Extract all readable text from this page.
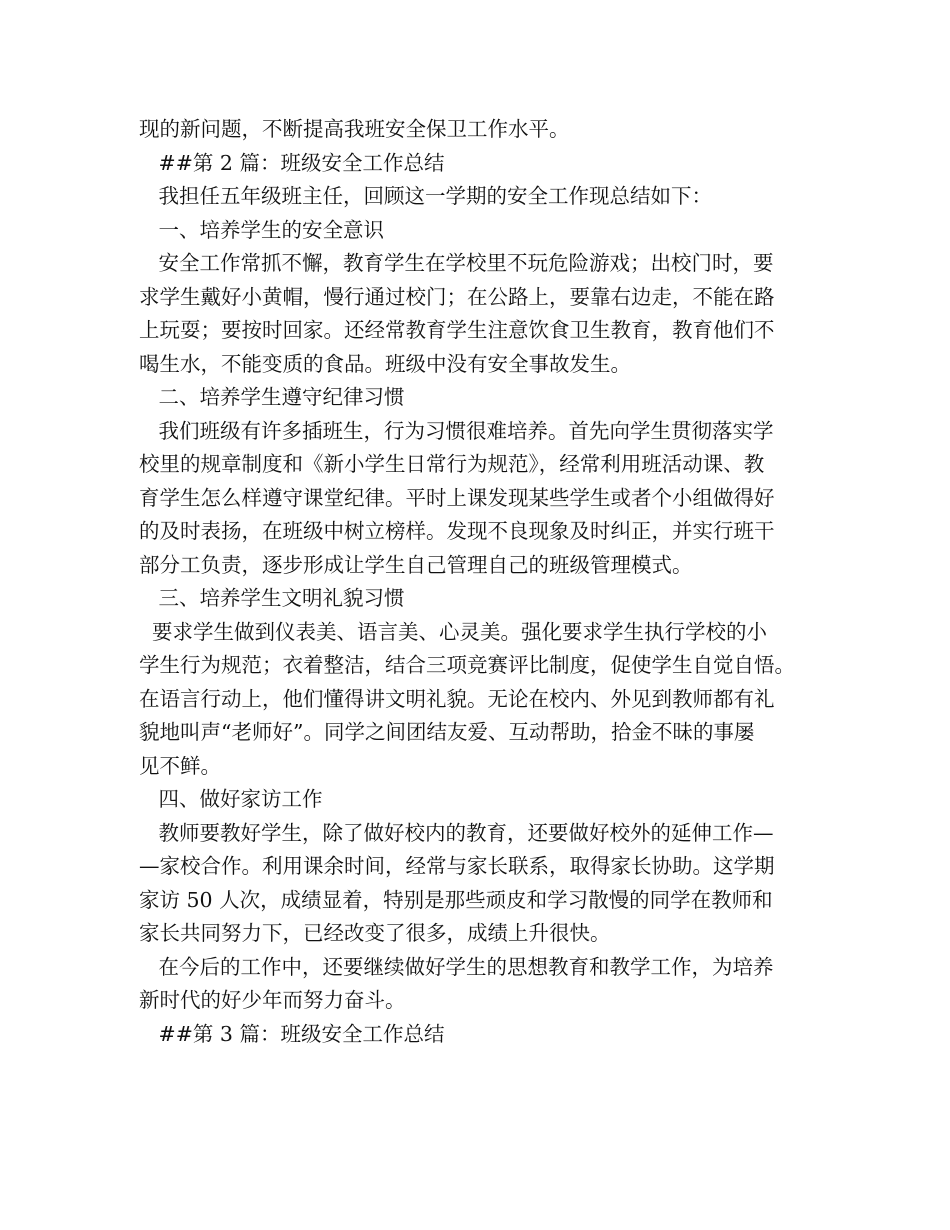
现的新问题，不断提高我班安全保卫工作水平。
##第 2 篇：班级安全工作总结
我担任五年级班主任，回顾这一学期的安全工作现总结如下：
一、培养学生的安全意识
安全工作常抓不懈，教育学生在学校里不玩危险游戏；出校门时，要
求学生戴好小黄帽，慢行通过校门；在公路上，要靠右边走，不能在路
上玩耍；要按时回家。还经常教育学生注意饮食卫生教育，教育他们不
喝生水，不能变质的食品。班级中没有安全事故发生。
二、培养学生遵守纪律习惯
我们班级有许多插班生，行为习惯很难培养。首先向学生贯彻落实学
校里的规章制度和《新小学生日常行为规范》，经常利用班活动课、教
育学生怎么样遵守课堂纪律。平时上课发现某些学生或者个小组做得好
的及时表扬，在班级中树立榜样。发现不良现象及时纠正，并实行班干
部分工负责，逐步形成让学生自己管理自己的班级管理模式。
三、培养学生文明礼貌习惯
要求学生做到仪表美、语言美、心灵美。强化要求学生执行学校的小
学生行为规范；衣着整洁，结合三项竞赛评比制度，促使学生自觉自悟。
在语言行动上，他们懂得讲文明礼貌。无论在校内、外见到教师都有礼
貌地叫声“老师好”。同学之间团结友爱、互动帮助，拾金不昧的事屡
见不鲜。
四、做好家访工作
教师要教好学生，除了做好校内的教育，还要做好校外的延伸工作—
—家校合作。利用课余时间，经常与家长联系，取得家长协助。这学期
家访 50 人次，成绩显着，特别是那些顽皮和学习散慢的同学在教师和
家长共同努力下，已经改变了很多，成绩上升很快。
在今后的工作中，还要继续做好学生的思想教育和教学工作，为培养
新时代的好少年而努力奋斗。
##第 3 篇：班级安全工作总结
